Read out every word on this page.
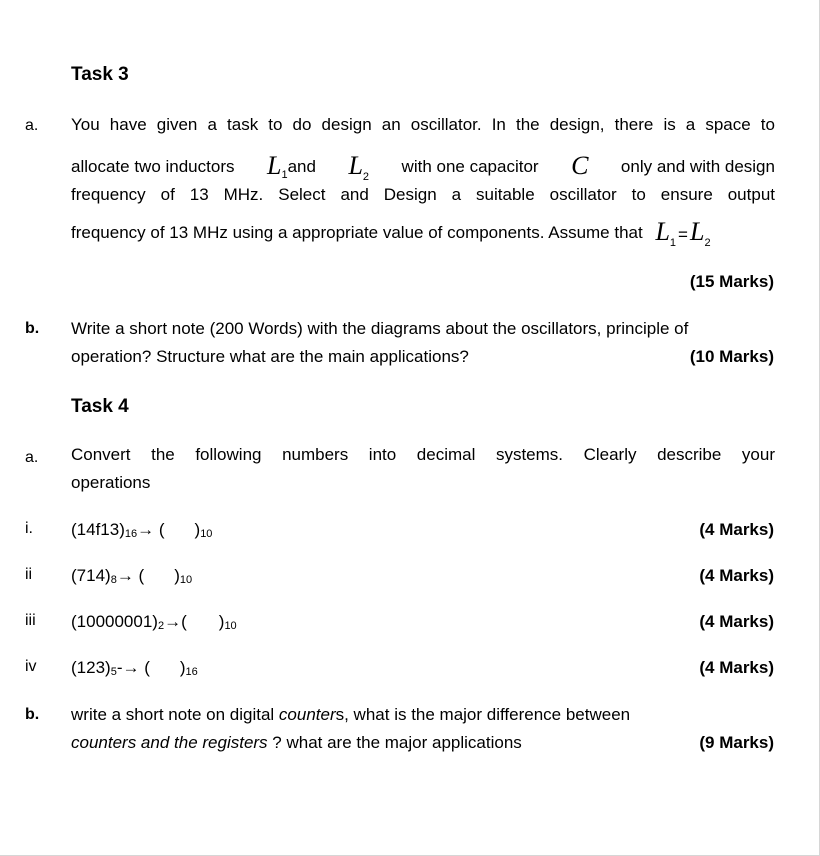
Task 3
a. You have given a task to do design an oscillator. In the design, there is a space to
allocate two inductors $L_1and$ $L_2$
with one capacitor C only and with design
frequency of 13 MHz. Select and Design a suitable oscillator to ensure output
frequency of 13 MHz using a appropriate value of components. Assume that $L_1 =L_2$
(15 Marks)
b. Write a short note (200 Words) with the diagrams about the oscillators, principle of
operation? Structure what are the main applications?	(10 Marks)
Task 4
a. Convert the following numbers into decimal systems. Clearly describe your
operations
i. (14f13)16→ ( )10	(4 Marks)
ii (714)8→ ( )10	(4 Marks)
iii (10000001)2→( )10	(4 Marks)
iv (123)5-→ ( )16	(4 Marks)
b. write a short note on digital counters, what is the major difference between
counters and the registers ? what are the major applications	(9 Marks)
